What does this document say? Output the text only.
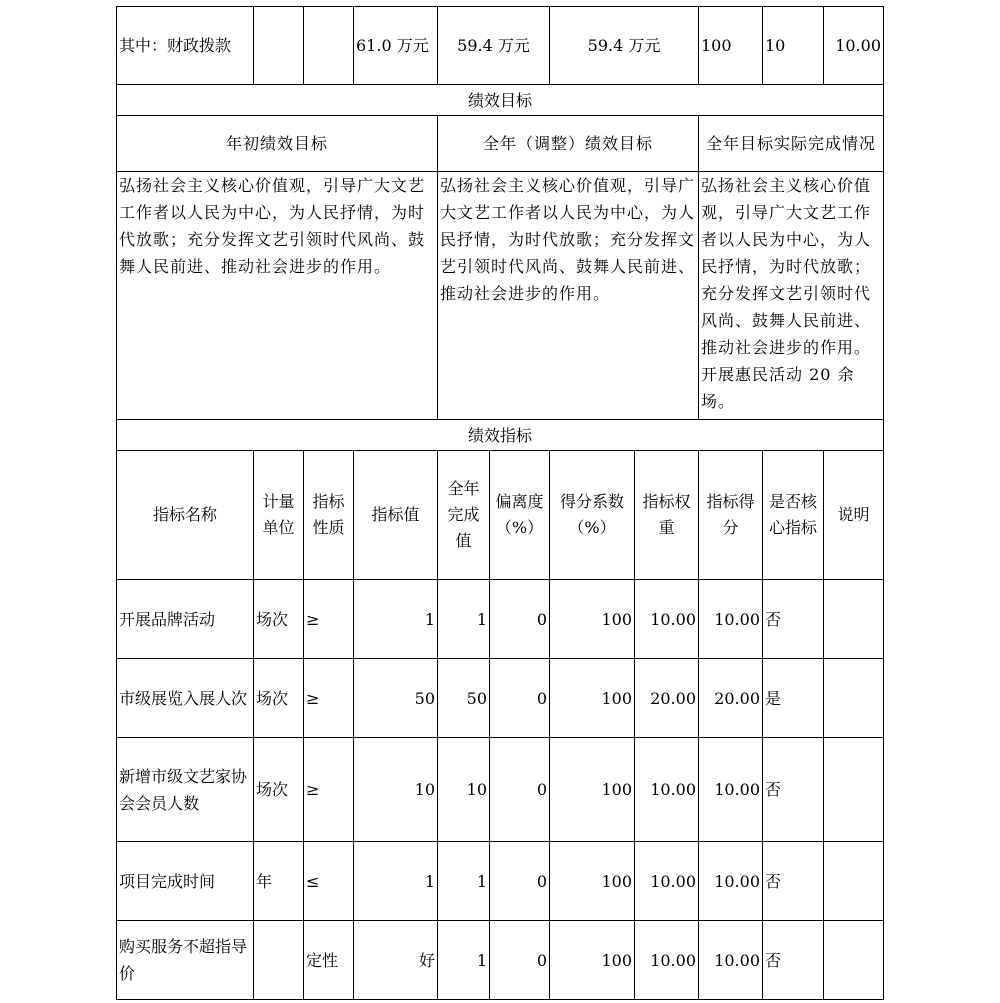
其中：财政拨款			61.0 万元	59.4 万元		59.4 万元		100	10	10.00
绩效目标										
年初绩效目标				全年（调整）绩效目标				全年目标实际完成情况		
弘扬社会主义核心价值观，引导广大文艺工作者以人民为中心，为人民抒情，为时代放歌；充分发挥文艺引领时代风尚、鼓舞人民前进、推动社会进步的作用。				弘扬社会主义核心价值观，引导广大文艺工作者以人民为中心，为人民抒情，为时代放歌；充分发挥文艺引领时代风尚、鼓舞人民前进、推动社会进步的作用。				弘扬社会主义核心价值观，引导广大文艺工作者以人民为中心，为人民抒情，为时代放歌；充分发挥文艺引领时代风尚、鼓舞人民前进、推动社会进步的作用。开展惠民活动 20 余场。		
绩效指标										
指标名称	计量单位	指标性质	指标值	全年完成值	偏离度（%）	得分系数（%）	指标权重	指标得分	是否核心指标	说明
开展品牌活动	场次	≥	1	1	0	100	10.00	10.00	否	
市级展览入展人次	场次	≥	50	50	0	100	20.00	20.00	是	
新增市级文艺家协会会员人数	场次	≥	10	10	0	100	10.00	10.00	否	
项目完成时间	年	≤	1	1	0	100	10.00	10.00	否	
购买服务不超指导价		定性	好	1	0	100	10.00	10.00	否	
